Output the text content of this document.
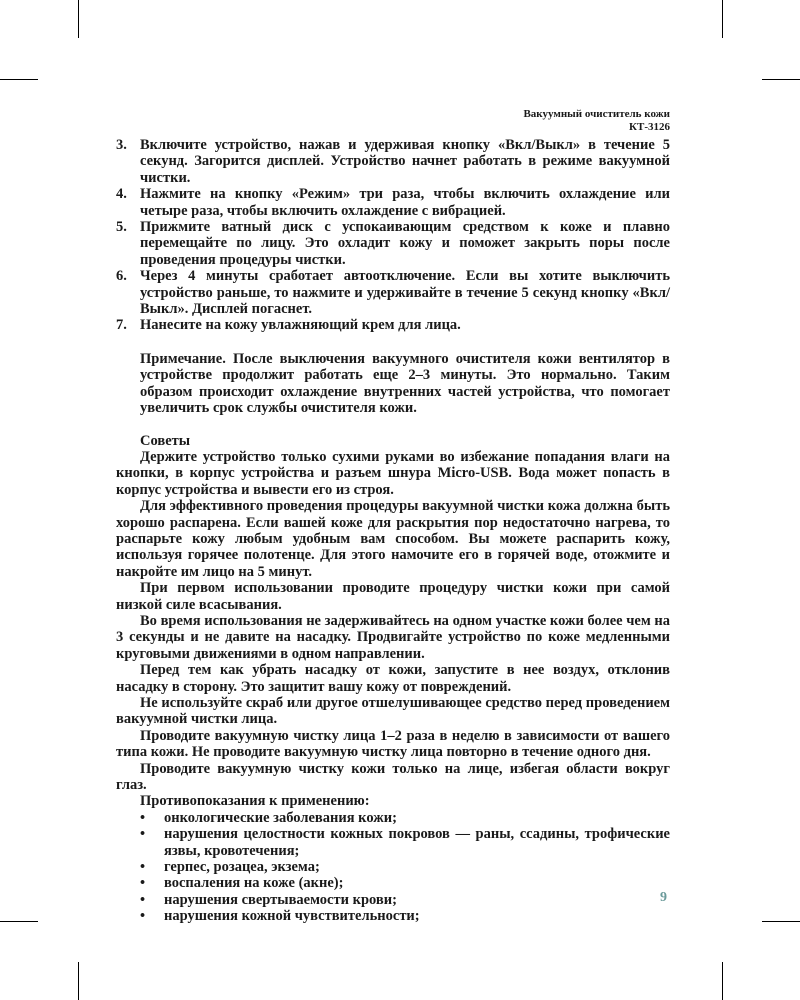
Вакуумный очиститель кожи
КТ-3126
3. Включите устройство, нажав и удерживая кнопку «Вкл/Выкл» в течение 5 секунд. Загорится дисплей. Устройство начнет работать в режиме вакуумной чистки.
4. Нажмите на кнопку «Режим» три раза, чтобы включить охлаждение или четыре раза, чтобы включить охлаждение с вибрацией.
5. Прижмите ватный диск с успокаивающим средством к коже и плавно перемещайте по лицу. Это охладит кожу и поможет закрыть поры после проведения процедуры чистки.
6. Через 4 минуты сработает автоотключение. Если вы хотите выключить устройство раньше, то нажмите и удерживайте в течение 5 секунд кнопку «Вкл/Выкл». Дисплей погаснет.
7. Нанесите на кожу увлажняющий крем для лица.

Примечание. После выключения вакуумного очистителя кожи вентилятор в устройстве продолжит работать еще 2–3 минуты. Это нормально. Таким образом происходит охлаждение внутренних частей устройства, что помогает увеличить срок службы очистителя кожи.

Советы

Держите устройство только сухими руками во избежание попадания влаги на кнопки, в корпус устройства и разъем шнура Micro-USB. Вода может попасть в корпус устройства и вывести его из строя.

Для эффективного проведения процедуры вакуумной чистки кожа должна быть хорошо распарена. Если вашей коже для раскрытия пор недостаточно нагрева, то распарьте кожу любым удобным вам способом. Вы можете распарить кожу, используя горячее полотенце. Для этого намочите его в горячей воде, отожмите и накройте им лицо на 5 минут.

При первом использовании проводите процедуру чистки кожи при самой низкой силе всасывания.

Во время использования не задерживайтесь на одном участке кожи более чем на 3 секунды и не давите на насадку. Продвигайте устройство по коже медленными круговыми движениями в одном направлении.

Перед тем как убрать насадку от кожи, запустите в нее воздух, отклонив насадку в сторону. Это защитит вашу кожу от повреждений.

Не используйте скраб или другое отшелушивающее средство перед проведением вакуумной чистки лица.

Проводите вакуумную чистку лица 1–2 раза в неделю в зависимости от вашего типа кожи. Не проводите вакуумную чистку лица повторно в течение одного дня.

Проводите вакуумную чистку кожи только на лице, избегая области вокруг глаз.

Противопоказания к применению:
• онкологические заболевания кожи;
• нарушения целостности кожных покровов — раны, ссадины, трофические язвы, кровотечения;
• герпес, розацеа, экзема;
• воспаления на коже (акне);
• нарушения свертываемости крови;
• нарушения кожной чувствительности;
9
